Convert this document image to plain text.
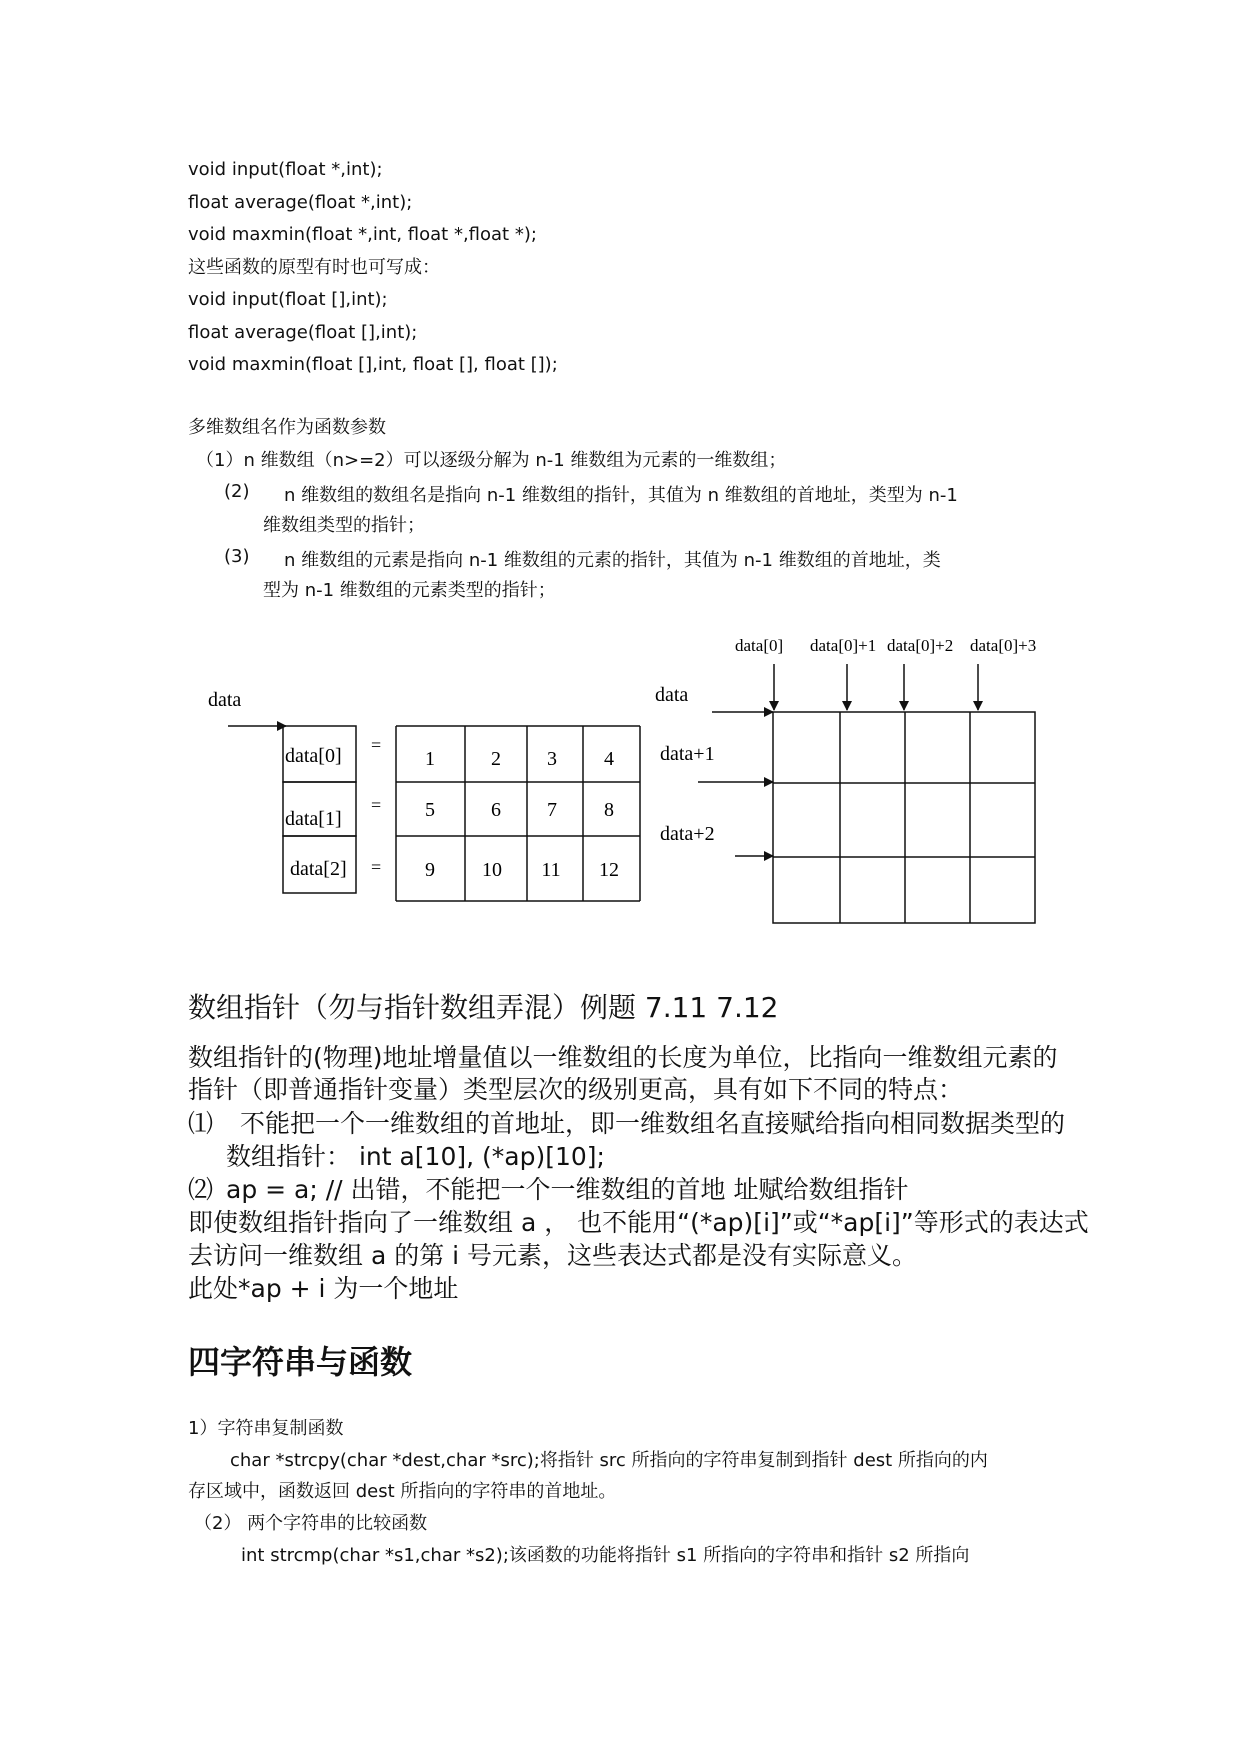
void input(float *,int);
float average(float *,int);
void maxmin(float *,int, float *,float *);
这些函数的原型有时也可写成：
void input(float [],int);
float average(float [],int);
void maxmin(float [],int, float [], float []);
多维数组名作为函数参数
（1）n 维数组（n>=2）可以逐级分解为 n-1 维数组为元素的一维数组；
(2) n 维数组的数组名是指向 n-1 维数组的指针，其值为 n 维数组的首地址，类型为 n-1
维数组类型的指针；
(3) n 维数组的元素是指向 n-1 维数组的元素的指针，其值为 n-1 维数组的首地址，类
型为 n-1 维数组的元素类型的指针；
data
data[0]
data[1]
data[2]
=
=
=
1	2 3 4
5	6 7 8
9 10 11 12
data[0] data[0]+1 data[0]+2 data[0]+3
data
data+1
data+2
数组指针（勿与指针数组弄混）例题 7.11 7.12
数组指针的(物理)地址增量值以一维数组的长度为单位，比指向一维数组元素的
指针（即普通指针变量）类型层次的级别更高，具有如下不同的特点：
⑴ 不能把一个一维数组的首地址，即一维数组名直接赋给指向相同数据类型的
数组指针： int a[10], (*ap)[10];
⑵ ap = a; // 出错，不能把一个一维数组的首地 址赋给数组指针
即使数组指针指向了一维数组 a ， 也不能用“(*ap)[i]”或“*ap[i]”等形式的表达式
去访问一维数组 a 的第 i 号元素，这些表达式都是没有实际意义。
此处*ap + i 为一个地址
四字符串与函数
1）字符串复制函数
char *strcpy(char *dest,char *src);将指针 src 所指向的字符串复制到指针 dest 所指向的内
存区域中，函数返回 dest 所指向的字符串的首地址。
（2） 两个字符串的比较函数
int strcmp(char *s1,char *s2);该函数的功能将指针 s1 所指向的字符串和指针 s2 所指向
